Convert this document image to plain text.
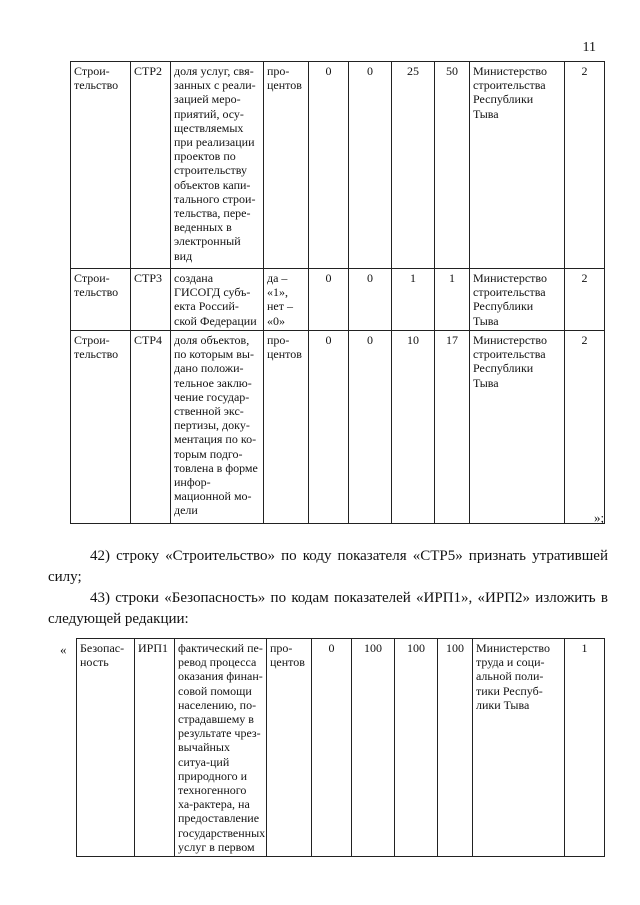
11
Строи-тельство	СТР2	доля услуг, свя-занных с реали-зацией меро-приятий, осу-ществляемых при реализации проектов по строительству объектов капи-тального строи-тельства, пере-веденных в электронный вид	про-центов	0	0	25	50	Министерство строительства Республики Тыва	2
Строи-тельство	СТР3	создана ГИСОГД субъ-екта Россий-ской Федерации	да – «1», нет – «0»	0	0	1	1	Министерство строительства Республики Тыва	2
Строи-тельство	СТР4	доля объектов, по которым вы-дано положи-тельное заклю-чение государ-ственной экс-пертизы, доку-ментация по ко-торым подго-товлена в форме инфор-мационной мо-дели	про-центов	0	0	10	17	Министерство строительства Республики Тыва	2
»;
42) строку «Строительство» по коду показателя «СТР5» признать утратившей силу;
43) строки «Безопасность» по кодам показателей «ИРП1», «ИРП2» изложить в следующей редакции:
« Безопас-ность	ИРП1	фактический пе-ревод процесса оказания финан-совой помощи населению, по-страдавшему в результате чрез-вычайных ситуа-ций природного и техногенного ха-рактера, на предоставление государственных услуг в первом	про-центов	0	100	100	100	Министерство труда и соци-альной поли-тики Респуб-лики Тыва	1
